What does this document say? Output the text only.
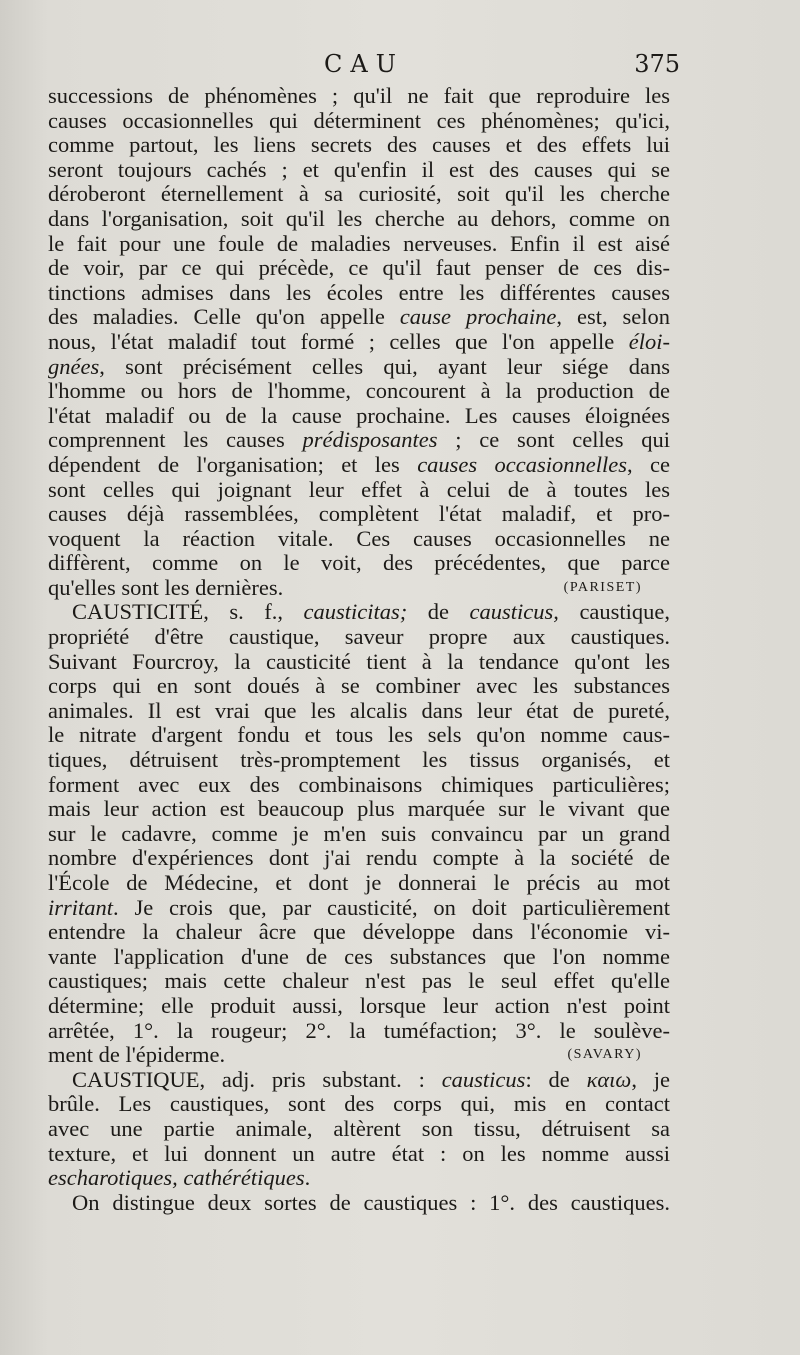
CAU	375
successions de phénomènes ; qu'il ne fait que reproduire les
causes occasionnelles qui déterminent ces phénomènes; qu'ici,
comme partout, les liens secrets des causes et des effets lui
seront toujours cachés ; et qu'enfin il est des causes qui se
déroberont éternellement à sa curiosité, soit qu'il les cherche
dans l'organisation, soit qu'il les cherche au dehors, comme on
le fait pour une foule de maladies nerveuses. Enfin il est aisé
de voir, par ce qui précède, ce qu'il faut penser de ces dis-
tinctions admises dans les écoles entre les différentes causes
des maladies. Celle qu'on appelle cause prochaine, est, selon
nous, l'état maladif tout formé ; celles que l'on appelle éloi-
gnées, sont précisément celles qui, ayant leur siége dans
l'homme ou hors de l'homme, concourent à la production de
l'état maladif ou de la cause prochaine. Les causes éloignées
comprennent les causes prédisposantes ; ce sont celles qui
dépendent de l'organisation; et les causes occasionnelles, ce
sont celles qui joignant leur effet à celui de à toutes les
causes déjà rassemblées, complètent l'état maladif, et pro-
voquent la réaction vitale. Ces causes occasionnelles ne
diffèrent, comme on le voit, des précédentes, que parce
qu'elles sont les dernières.	(PARISET)
CAUSTICITÉ, s. f., causticitas; de causticus, caustique,
propriété d'être caustique, saveur propre aux caustiques.
Suivant Fourcroy, la causticité tient à la tendance qu'ont les
corps qui en sont doués à se combiner avec les substances
animales. Il est vrai que les alcalis dans leur état de pureté,
le nitrate d'argent fondu et tous les sels qu'on nomme caus-
tiques, détruisent très-promptement les tissus organisés, et
forment avec eux des combinaisons chimiques particulières;
mais leur action est beaucoup plus marquée sur le vivant que
sur le cadavre, comme je m'en suis convaincu par un grand
nombre d'expériences dont j'ai rendu compte à la société de
l'École de Médecine, et dont je donnerai le précis au mot
irritant. Je crois que, par causticité, on doit particulièrement
entendre la chaleur âcre que développe dans l'économie vi-
vante l'application d'une de ces substances que l'on nomme
caustiques; mais cette chaleur n'est pas le seul effet qu'elle
détermine; elle produit aussi, lorsque leur action n'est point
arrêtée, 1°. la rougeur; 2°. la tuméfaction; 3°. le soulève-
ment de l'épiderme.	(SAVARY)
CAUSTIQUE, adj. pris substant. : causticus: de καιω, je
brûle. Les caustiques, sont des corps qui, mis en contact
avec une partie animale, altèrent son tissu, détruisent sa
texture, et lui donnent un autre état : on les nomme aussi
escharotiques, cathérétiques.
On distingue deux sortes de caustiques : 1°. des caustiques.
